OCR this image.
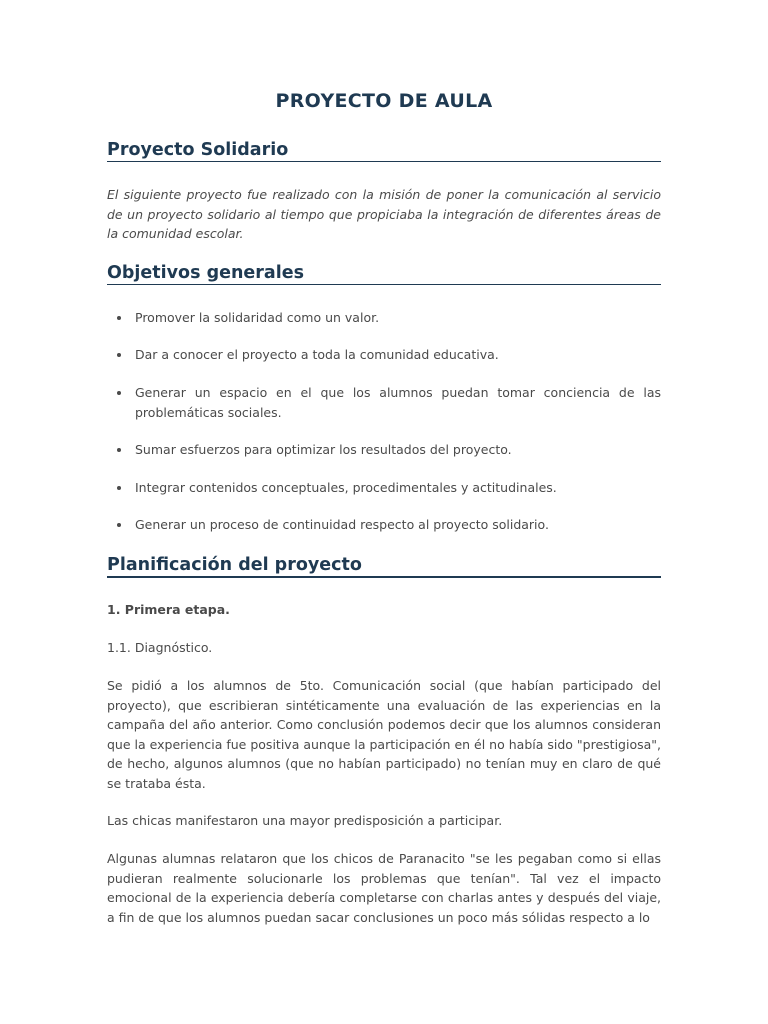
PROYECTO DE AULA
Proyecto Solidario
El siguiente proyecto fue realizado con la misión de poner la comunicación al servicio de un proyecto solidario al tiempo que propiciaba la integración de diferentes áreas de la comunidad escolar.
Objetivos generales
Promover la solidaridad como un valor.
Dar a conocer el proyecto a toda la comunidad educativa.
Generar un espacio en el que los alumnos puedan tomar conciencia de las problemáticas sociales.
Sumar esfuerzos para optimizar los resultados del proyecto.
Integrar contenidos conceptuales, procedimentales y actitudinales.
Generar un proceso de continuidad respecto al proyecto solidario.
Planificación del proyecto
1. Primera etapa.
1.1. Diagnóstico.
Se pidió a los alumnos de 5to. Comunicación social (que habían participado del proyecto), que escribieran sintéticamente una evaluación de las experiencias en la campaña del año anterior. Como conclusión podemos decir que los alumnos consideran que la experiencia fue positiva aunque la participación en él no había sido "prestigiosa", de hecho, algunos alumnos (que no habían participado) no tenían muy en claro de qué se trataba ésta.
Las chicas manifestaron una mayor predisposición a participar.
Algunas alumnas relataron que los chicos de Paranacito "se les pegaban como si ellas pudieran realmente solucionarle los problemas que tenían". Tal vez el impacto emocional de la experiencia debería completarse con charlas antes y después del viaje, a fin de que los alumnos puedan sacar conclusiones un poco más sólidas respecto a lo
